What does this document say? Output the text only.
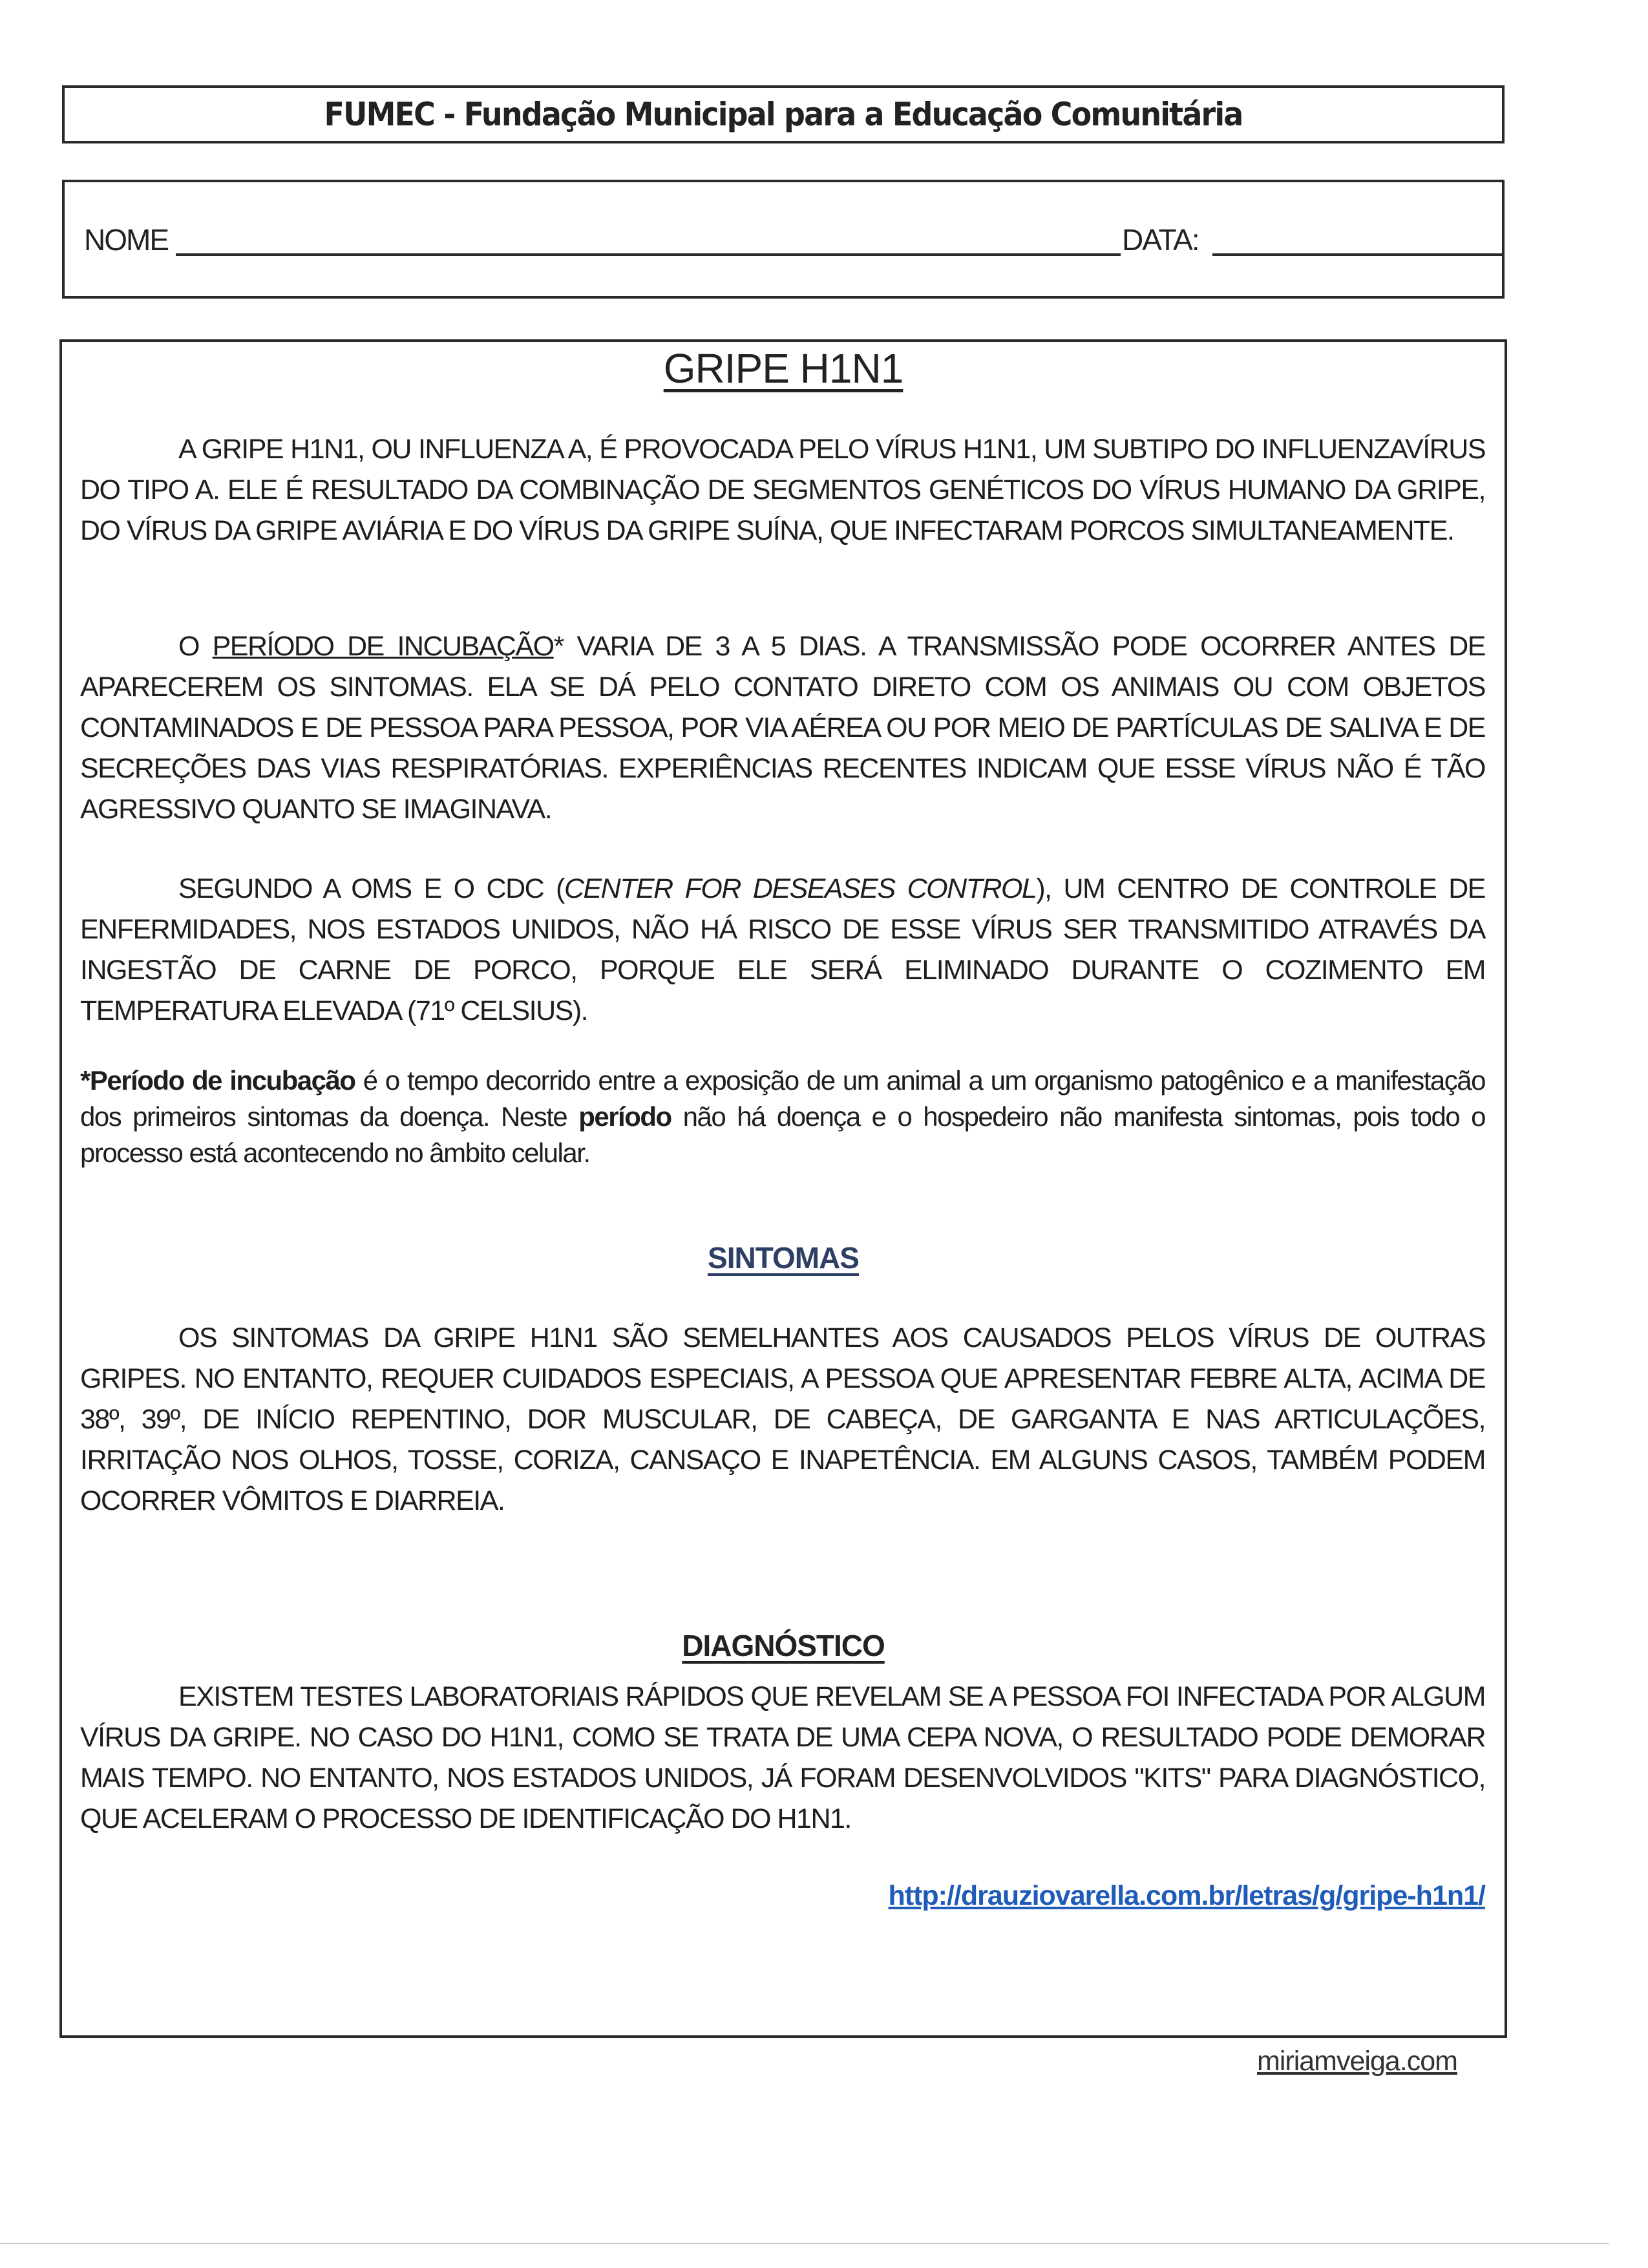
FUMEC - Fundação Municipal para a Educação Comunitária
NOME	DATA:
GRIPE H1N1

A GRIPE H1N1, OU INFLUENZA A, É PROVOCADA PELO VÍRUS H1N1, UM SUBTIPO DO INFLUENZAVÍRUS DO TIPO A. ELE É RESULTADO DA COMBINAÇÃO DE SEGMENTOS GENÉTICOS DO VÍRUS HUMANO DA GRIPE, DO VÍRUS DA GRIPE AVIÁRIA E DO VÍRUS DA GRIPE SUÍNA, QUE INFECTARAM PORCOS SIMULTANEAMENTE.

O PERÍODO DE INCUBAÇÃO* VARIA DE 3 A 5 DIAS. A TRANSMISSÃO PODE OCORRER ANTES DE APARECEREM OS SINTOMAS. ELA SE DÁ PELO CONTATO DIRETO COM OS ANIMAIS OU COM OBJETOS CONTAMINADOS E DE PESSOA PARA PESSOA, POR VIA AÉREA OU POR MEIO DE PARTÍCULAS DE SALIVA E DE SECREÇÕES DAS VIAS RESPIRATÓRIAS. EXPERIÊNCIAS RECENTES INDICAM QUE ESSE VÍRUS NÃO É TÃO AGRESSIVO QUANTO SE IMAGINAVA.

SEGUNDO A OMS E O CDC (CENTER FOR DESEASES CONTROL), UM CENTRO DE CONTROLE DE ENFERMIDADES, NOS ESTADOS UNIDOS, NÃO HÁ RISCO DE ESSE VÍRUS SER TRANSMITIDO ATRAVÉS DA INGESTÃO DE CARNE DE PORCO, PORQUE ELE SERÁ ELIMINADO DURANTE O COZIMENTO EM TEMPERATURA ELEVADA (71º CELSIUS).

*Período de incubação é o tempo decorrido entre a exposição de um animal a um organismo patogênico e a manifestação dos primeiros sintomas da doença. Neste período não há doença e o hospedeiro não manifesta sintomas, pois todo o processo está acontecendo no âmbito celular.

SINTOMAS

OS SINTOMAS DA GRIPE H1N1 SÃO SEMELHANTES AOS CAUSADOS PELOS VÍRUS DE OUTRAS GRIPES. NO ENTANTO, REQUER CUIDADOS ESPECIAIS, A PESSOA QUE APRESENTAR FEBRE ALTA, ACIMA DE 38º, 39º, DE INÍCIO REPENTINO, DOR MUSCULAR, DE CABEÇA, DE GARGANTA E NAS ARTICULAÇÕES, IRRITAÇÃO NOS OLHOS, TOSSE, CORIZA, CANSAÇO E INAPETÊNCIA. EM ALGUNS CASOS, TAMBÉM PODEM OCORRER VÔMITOS E DIARREIA.

DIAGNÓSTICO

EXISTEM TESTES LABORATORIAIS RÁPIDOS QUE REVELAM SE A PESSOA FOI INFECTADA POR ALGUM VÍRUS DA GRIPE. NO CASO DO H1N1, COMO SE TRATA DE UMA CEPA NOVA, O RESULTADO PODE DEMORAR MAIS TEMPO. NO ENTANTO, NOS ESTADOS UNIDOS, JÁ FORAM DESENVOLVIDOS "KITS" PARA DIAGNÓSTICO, QUE ACELERAM O PROCESSO DE IDENTIFICAÇÃO DO H1N1.

http://drauziovarella.com.br/letras/g/gripe-h1n1/
miriamveiga.com
